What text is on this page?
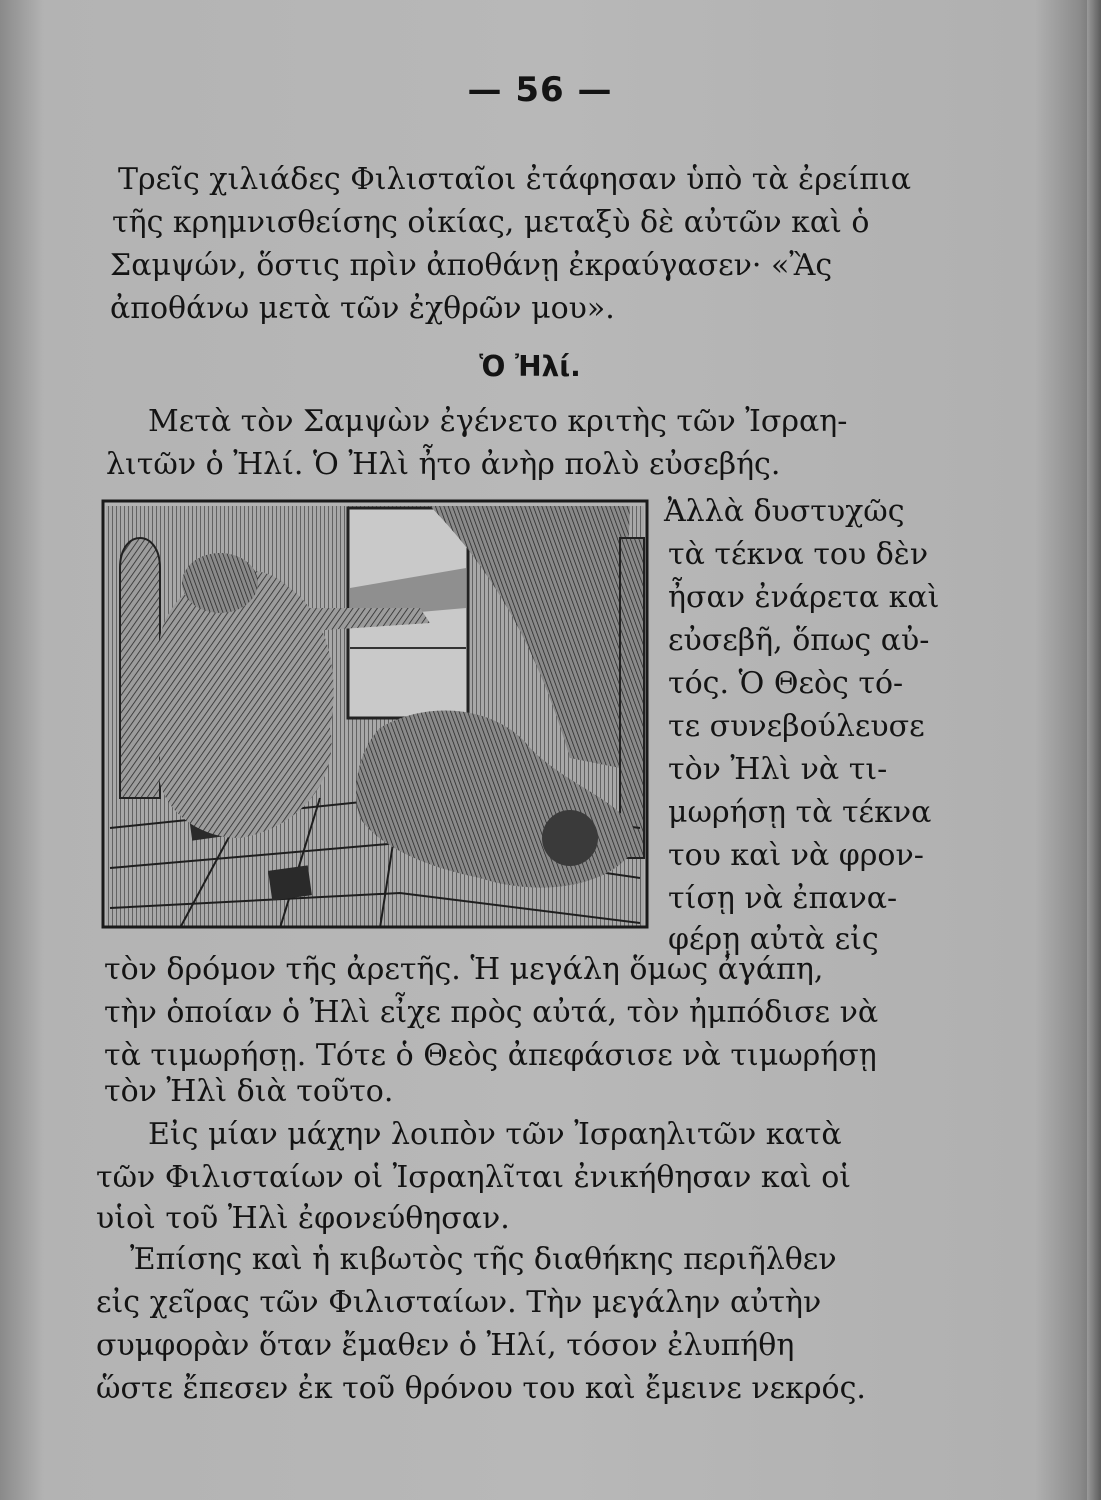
— 56 —
Τρεῖς χιλιάδες Φιλισταῖοι ἐτάφησαν ὑπὸ τὰ ἐρείπια
τῆς κρημνισθείσης οἰκίας, μεταξὺ δὲ αὐτῶν καὶ ὁ
Σαμψών, ὅστις πρὶν ἀποθάνῃ ἐκραύγασεν· «Ἂς
ἀποθάνω μετὰ τῶν ἐχθρῶν μου».
Ὁ Ἠλί.
Μετὰ τὸν Σαμψὼν ἐγένετο κριτὴς τῶν Ἰσραη-
λιτῶν ὁ Ἠλί. Ὁ Ἠλὶ ἦτο ἀνὴρ πολὺ εὐσεβής.
Ἀλλὰ δυστυχῶς
τὰ τέκνα του δὲν
ἦσαν ἐνάρετα καὶ
εὐσεβῆ, ὅπως αὐ-
τός. Ὁ Θεὸς τό-
τε συνεβούλευσε
τὸν Ἠλὶ νὰ τι-
μωρήσῃ τὰ τέκνα
του καὶ νὰ φρον-
τίσῃ νὰ ἐπανα-
φέρῃ αὐτὰ εἰς
τὸν δρόμον τῆς ἀρετῆς. Ἡ μεγάλη ὅμως ἀγάπη,
τὴν ὁποίαν ὁ Ἠλὶ εἶχε πρὸς αὐτά, τὸν ἠμπόδισε νὰ
τὰ τιμωρήσῃ. Τότε ὁ Θεὸς ἀπεφάσισε νὰ τιμωρήσῃ
τὸν Ἠλὶ διὰ τοῦτο.
Εἰς μίαν μάχην λοιπὸν τῶν Ἰσραηλιτῶν κατὰ
τῶν Φιλισταίων οἱ Ἰσραηλῖται ἐνικήθησαν καὶ οἱ
υἱοὶ τοῦ Ἠλὶ ἐφονεύθησαν.
Ἐπίσης καὶ ἡ κιβωτὸς τῆς διαθήκης περιῆλθεν
εἰς χεῖρας τῶν Φιλισταίων. Τὴν μεγάλην αὐτὴν
συμφορὰν ὅταν ἔμαθεν ὁ Ἠλί, τόσον ἐλυπήθη
ὥστε ἔπεσεν ἐκ τοῦ θρόνου του καὶ ἔμεινε νεκρός.
